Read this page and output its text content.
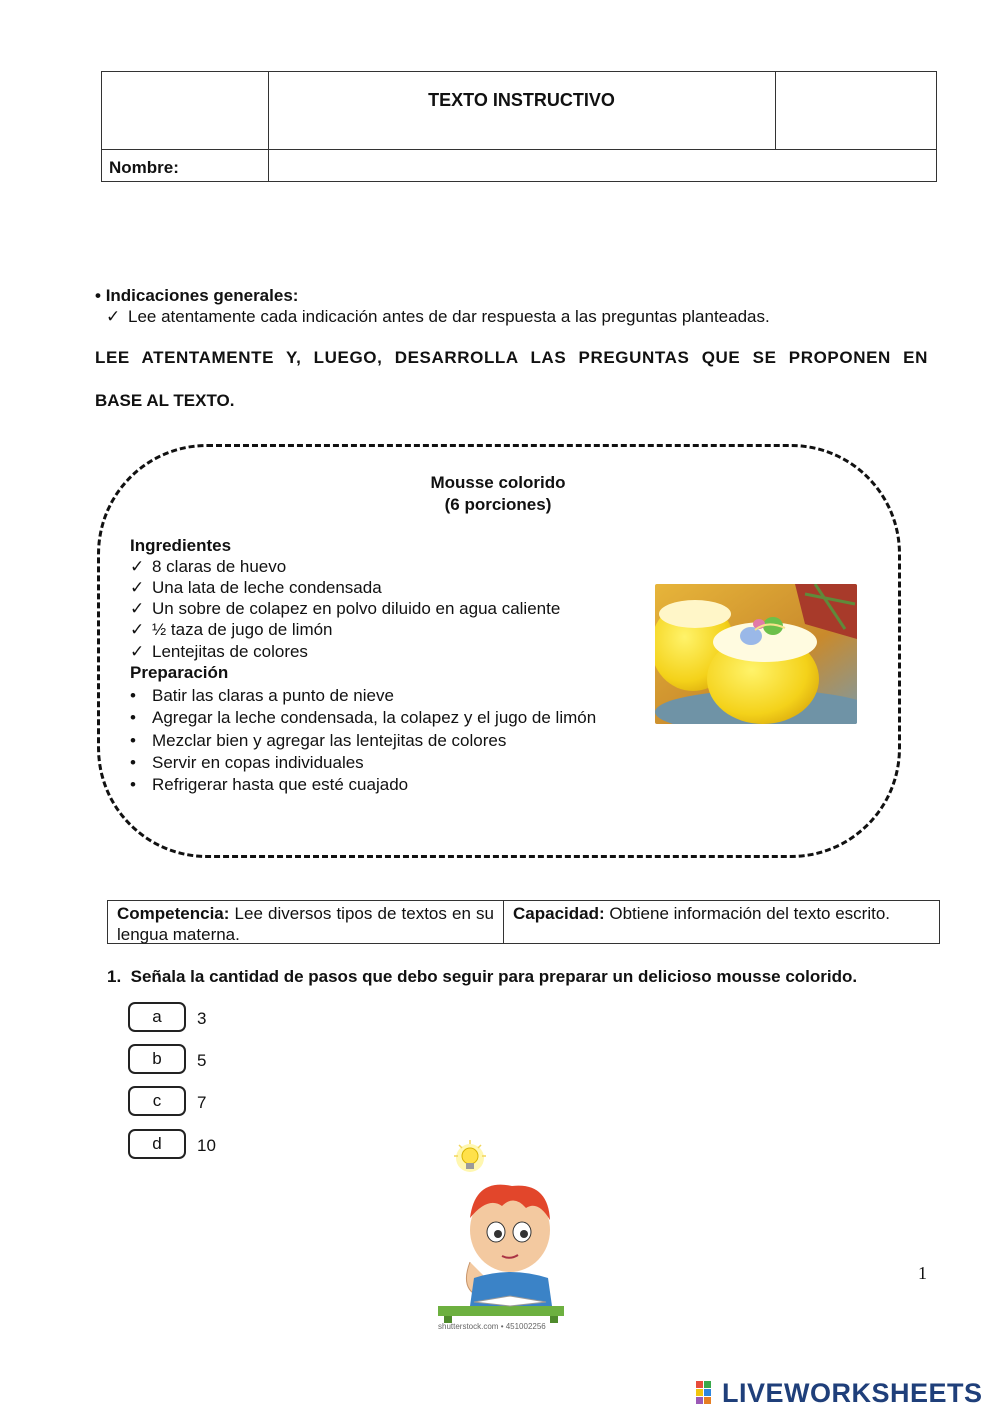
TEXTO INSTRUCTIVO
Nombre:
• Indicaciones generales:
✓ Lee atentamente cada indicación antes de dar respuesta a las preguntas planteadas.
LEE ATENTAMENTE Y, LUEGO, DESARROLLA LAS PREGUNTAS QUE SE PROPONEN EN
BASE AL TEXTO.
Mousse colorido
(6 porciones)
Ingredientes
✓ 8 claras de huevo
✓ Una lata de leche condensada
✓ Un sobre de colapez en polvo diluido en agua caliente
✓ ½ taza de jugo de limón
✓ Lentejitas de colores
Preparación
• Batir las claras a punto de nieve
• Agregar la leche condensada, la colapez y el jugo de limón
• Mezclar bien y agregar las lentejitas de colores
• Servir en copas individuales
• Refrigerar hasta que esté cuajado
Competencia: Lee diversos tipos de textos en su lengua materna.
Capacidad: Obtiene información del texto escrito.
1. Señala la cantidad de pasos que debo seguir para preparar un delicioso mousse colorido.
a	3
b	5
c	7
d	10
shutterstock.com • 451002256
1
LIVEWORKSHEETS
